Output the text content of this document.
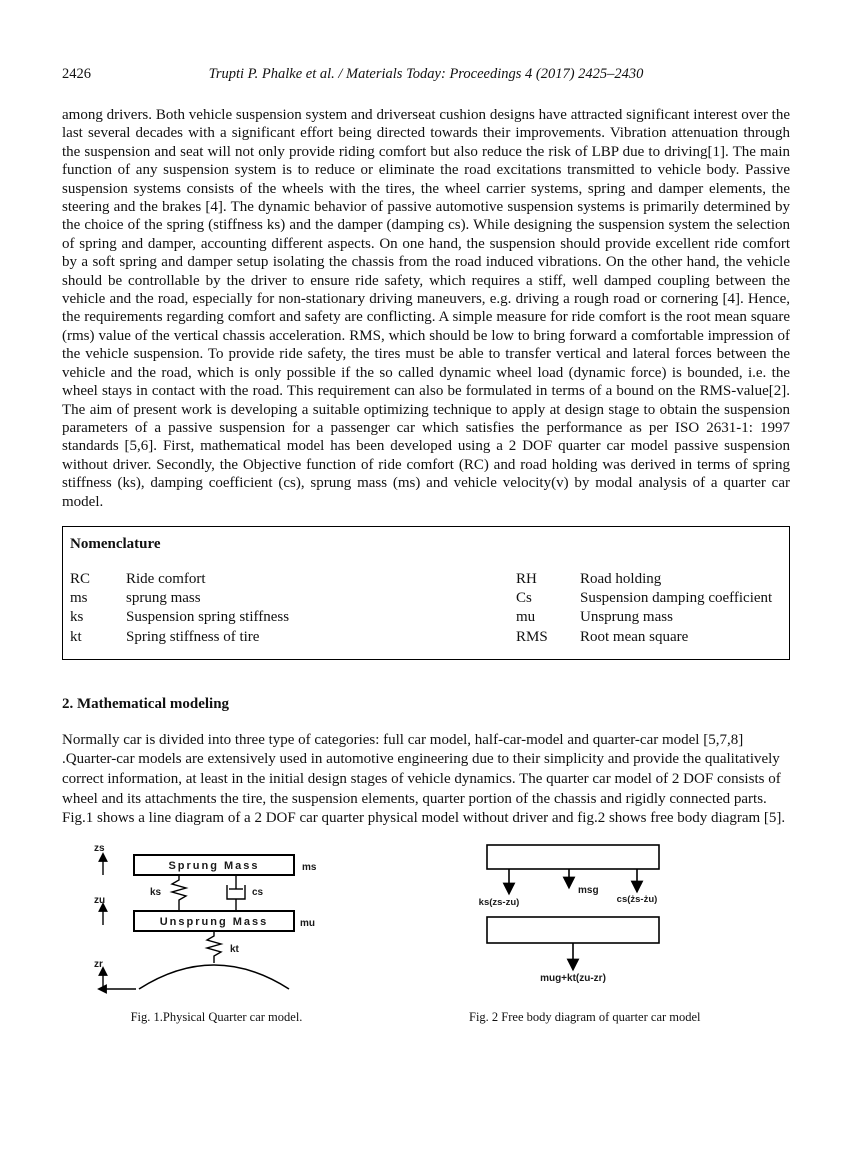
2426	Trupti P. Phalke et al. / Materials Today: Proceedings 4 (2017) 2425–2430

among drivers. Both vehicle suspension system and driverseat cushion designs have attracted significant interest over the last several decades with a significant effort being directed towards their improvements. Vibration attenuation through the suspension and seat will not only provide riding comfort but also reduce the risk of LBP due to driving[1]. The main function of any suspension system is to reduce or eliminate the road excitations transmitted to vehicle body. Passive suspension systems consists of the wheels with the tires, the wheel carrier systems, spring and damper elements, the steering and the brakes [4]. The dynamic behavior of passive automotive suspension systems is primarily determined by the choice of the spring (stiffness ks) and the damper (damping cs). While designing the suspension system the selection of spring and damper, accounting different aspects. On one hand, the suspension should provide excellent ride comfort by a soft spring and damper setup isolating the chassis from the road induced vibrations. On the other hand, the vehicle should be controllable by the driver to ensure ride safety, which requires a stiff, well damped coupling between the vehicle and the road, especially for non-stationary driving maneuvers, e.g. driving a rough road or cornering [4]. Hence, the requirements regarding comfort and safety are conflicting. A simple measure for ride comfort is the root mean square (rms) value of the vertical chassis acceleration. RMS, which should be low to bring forward a comfortable impression of the vehicle suspension. To provide ride safety, the tires must be able to transfer vertical and lateral forces between the vehicle and the road, which is only possible if the so called dynamic wheel load (dynamic force) is bounded, i.e. the wheel stays in contact with the road. This requirement can also be formulated in terms of a bound on the RMS-value[2]. The aim of present work is developing a suitable optimizing technique to apply at design stage to obtain the suspension parameters of a passive suspension for a passenger car which satisfies the performance as per ISO 2631-1: 1997 standards [5,6]. First, mathematical model has been developed using a 2 DOF quarter car model passive suspension without driver. Secondly, the Objective function of ride comfort (RC) and road holding was derived in terms of spring stiffness (ks), damping coefficient (cs), sprung mass (ms) and vehicle velocity(v) by modal analysis of a quarter car model.

Nomenclature
RC	Ride comfort	RH	Road holding
ms	sprung mass	Cs	Suspension damping coefficient
ks	Suspension spring stiffness	mu	Unsprung mass
kt	Spring stiffness of tire	RMS	Root mean square
2. Mathematical modeling

Normally car is divided into three type of categories: full car model, half-car-model and quarter-car model [5,7,8] .Quarter-car models are extensively used in automotive engineering due to their simplicity and provide the qualitatively correct information, at least in the initial design stages of vehicle dynamics. The quarter car model of 2 DOF consists of wheel and its attachments the tire, the suspension elements, quarter portion of the chassis and rigidly connected parts. Fig.1 shows a line diagram of a 2 DOF car quarter physical model without driver and fig.2 shows free body diagram [5].

zs
Sprung Mass	ms
ks	cs
zu
Unsprung Mass	mu
kt
zr
Fig. 1.Physical Quarter car model.
msg
ks(zs-zu)	cs(żs-żu)
mug+kt(zu-zr)
Fig. 2 Free body diagram of quarter car model
